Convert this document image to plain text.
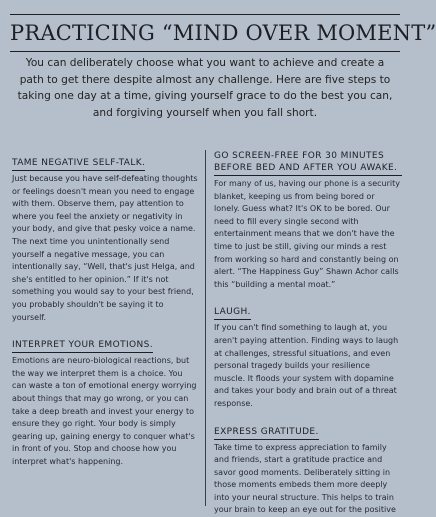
PRACTICING “MIND OVER MOMENT”
You can deliberately choose what you want to achieve and create a path to get there despite almost any challenge. Here are five steps to taking one day at a time, giving yourself grace to do the best you can, and forgiving yourself when you fall short.
TAME NEGATIVE SELF-TALK.

Just because you have self-defeating thoughts or feelings doesn't mean you need to engage with them. Observe them, pay attention to where you feel the anxiety or negativity in your body, and give that pesky voice a name. The next time you unintentionally send yourself a negative message, you can intentionally say, “Well, that's just Helga, and she's entitled to her opinion.” If it's not something you would say to your best friend, you probably shouldn't be saying it to yourself.

INTERPRET YOUR EMOTIONS.

Emotions are neuro-biological reactions, but the way we interpret them is a choice. You can waste a ton of emotional energy worrying about things that may go wrong, or you can take a deep breath and invest your energy to ensure they go right. Your body is simply gearing up, gaining energy to conquer what's in front of you. Stop and choose how you interpret what's happening.

GO SCREEN-FREE FOR 30 MINUTES BEFORE BED AND AFTER YOU AWAKE.

For many of us, having our phone is a security blanket, keeping us from being bored or lonely. Guess what? It's OK to be bored. Our need to fill every single second with entertainment means that we don't have the time to just be still, giving our minds a rest from working so hard and constantly being on alert. “The Happiness Guy” Shawn Achor calls this “building a mental moat.”

LAUGH.

If you can't find something to laugh at, you aren't paying attention. Finding ways to laugh at challenges, stressful situations, and even personal tragedy builds your resilience muscle. It floods your system with dopamine and takes your body and brain out of a threat response.

EXPRESS GRATITUDE.

Take time to express appreciation to family and friends, start a gratitude practice and savor good moments. Deliberately sitting in those moments embeds them more deeply into your neural structure. This helps to train your brain to keep an eye out for the positive
